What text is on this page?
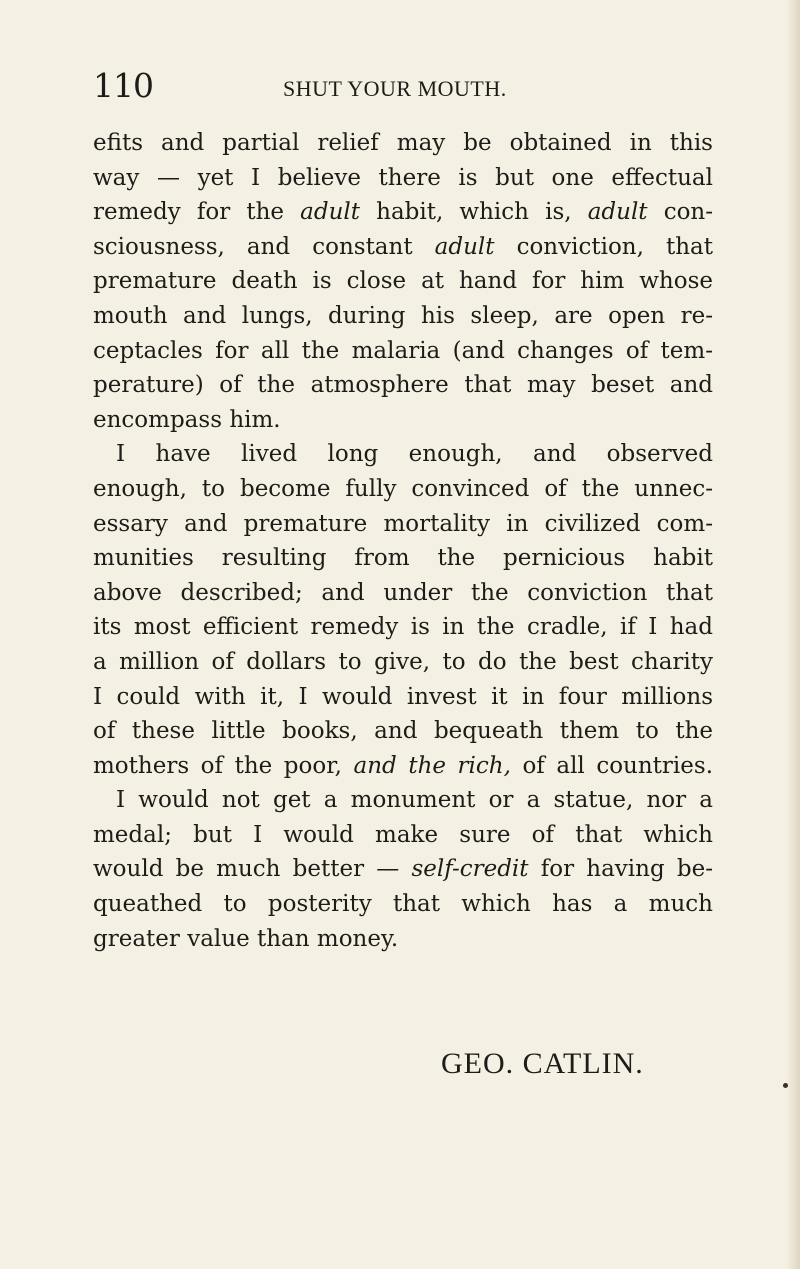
110	SHUT YOUR MOUTH.
efits and partial relief may be obtained in this
way — yet I believe there is but one effectual
remedy for the adult habit, which is, adult con-
sciousness, and constant adult conviction, that
premature death is close at hand for him whose
mouth and lungs, during his sleep, are open re-
ceptacles for all the malaria (and changes of tem-
perature) of the atmosphere that may beset and
encompass him.
I have lived long enough, and observed
enough, to become fully convinced of the unnec-
essary and premature mortality in civilized com-
munities resulting from the pernicious habit
above described; and under the conviction that
its most efficient remedy is in the cradle, if I had
a million of dollars to give, to do the best charity
I could with it, I would invest it in four millions
of these little books, and bequeath them to the
mothers of the poor, and the rich, of all countries.
I would not get a monument or a statue, nor a
medal; but I would make sure of that which
would be much better — self-credit for having be-
queathed to posterity that which has a much
greater value than money.
GEO. CATLIN.
